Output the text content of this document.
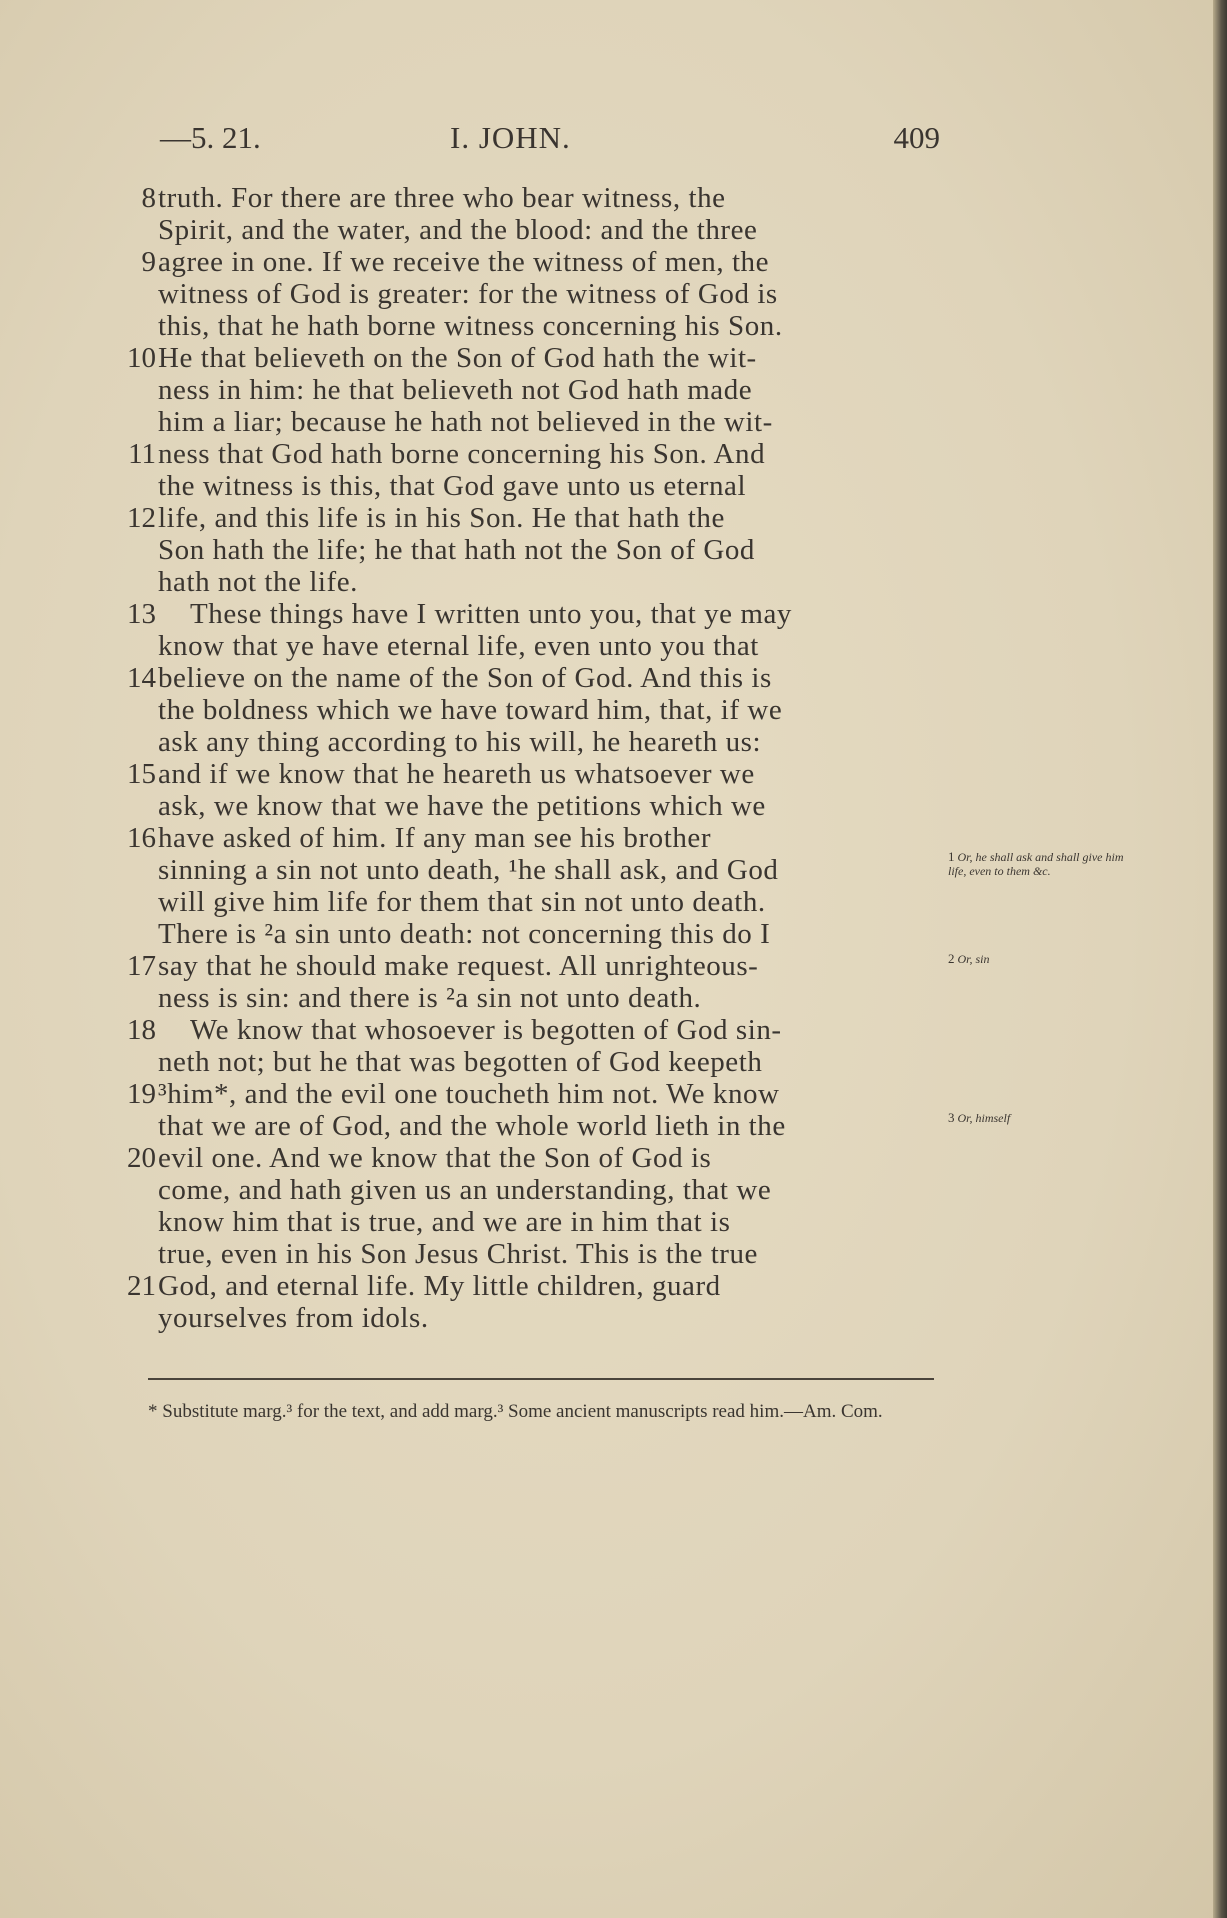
—5. 21.	I. JOHN.	409
8 truth. For there are three who bear witness, the
Spirit, and the water, and the blood: and the three
9 agree in one. If we receive the witness of men, the
witness of God is greater: for the witness of God is
this, that he hath borne witness concerning his Son.
10 He that believeth on the Son of God hath the wit-
ness in him: he that believeth not God hath made
him a liar; because he hath not believed in the wit-
11 ness that God hath borne concerning his Son. And
the witness is this, that God gave unto us eternal
12 life, and this life is in his Son. He that hath the
Son hath the life; he that hath not the Son of God
hath not the life.
13 These things have I written unto you, that ye may
know that ye have eternal life, even unto you that
14 believe on the name of the Son of God. And this is
the boldness which we have toward him, that, if we
ask any thing according to his will, he heareth us:
15 and if we know that he heareth us whatsoever we
ask, we know that we have the petitions which we
16 have asked of him. If any man see his brother
sinning a sin not unto death, ¹he shall ask, and God
will give him life for them that sin not unto death.
There is ²a sin unto death: not concerning this do I
17 say that he should make request. All unrighteous-
ness is sin: and there is ²a sin not unto death.
18 We know that whosoever is begotten of God sin-
neth not; but he that was begotten of God keepeth
19 ³him*, and the evil one toucheth him not. We know
that we are of God, and the whole world lieth in the
20 evil one. And we know that the Son of God is
come, and hath given us an understanding, that we
know him that is true, and we are in him that is
true, even in his Son Jesus Christ. This is the true
21 God, and eternal life. My little children, guard
yourselves from idols.
1 Or, he shall ask and shall give him life, even to them &c.
2 Or, sin
3 Or, himself
* Substitute marg.³ for the text, and add marg.³ Some ancient manuscripts read him.—Am. Com.
